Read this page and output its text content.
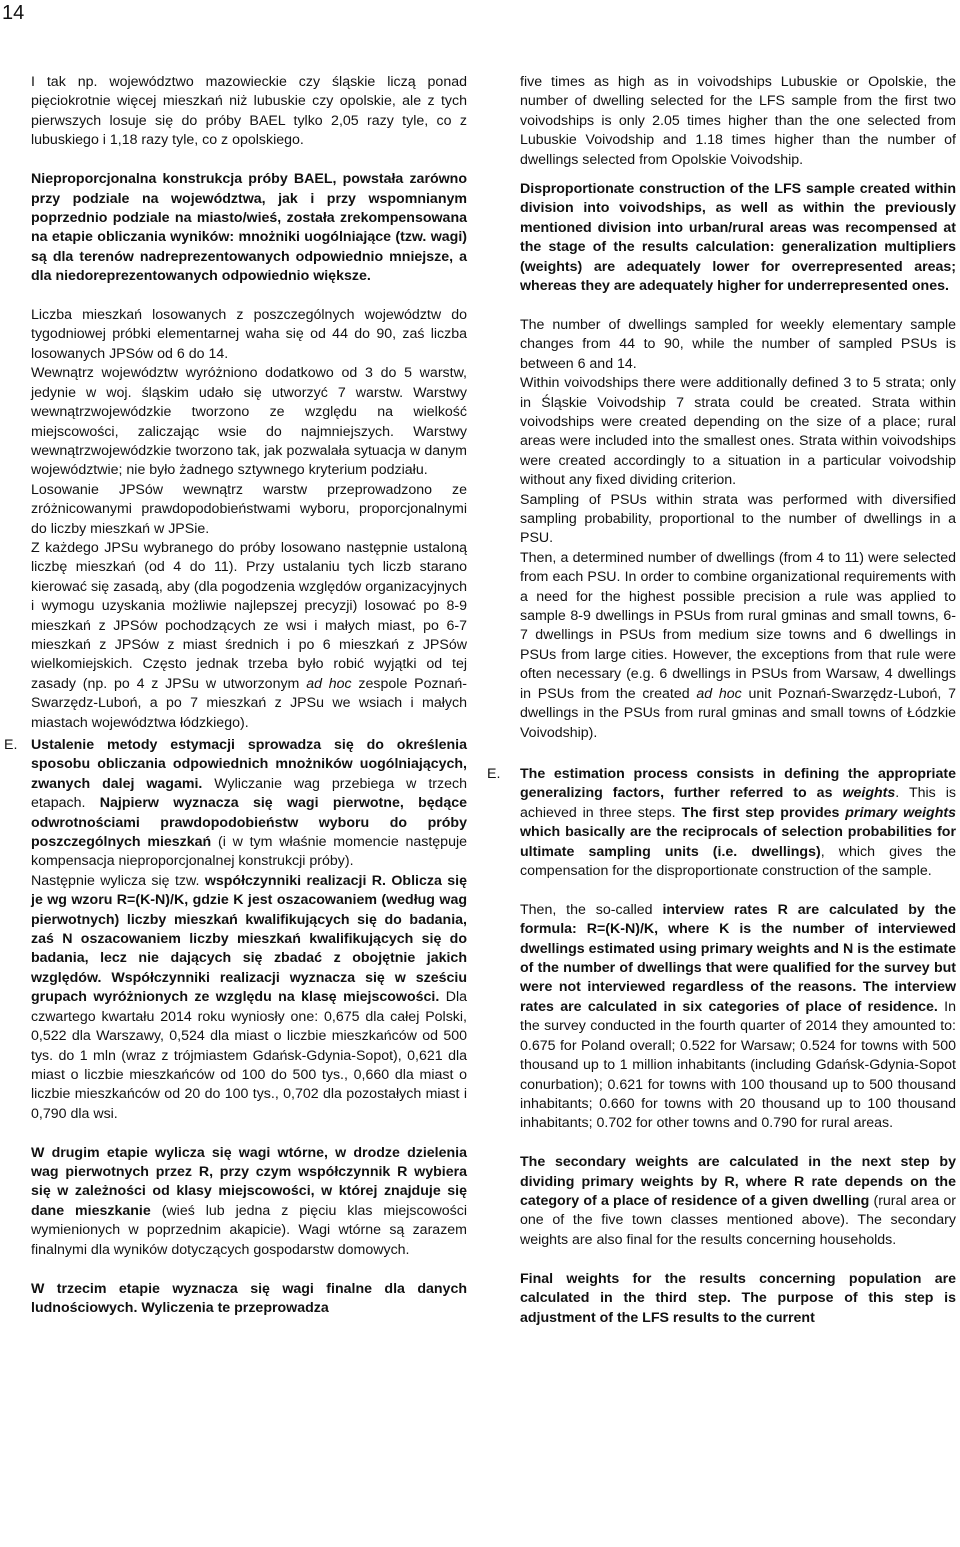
14

I tak np. województwo mazowieckie czy śląskie liczą ponad pięciokrotnie więcej mieszkań niż lubuskie czy opolskie, ale z tych pierwszych losuje się do próby BAEL tylko 2,05 razy tyle, co z lubuskiego i 1,18 razy tyle, co z opolskiego.

Nieproporcjonalna konstrukcja próby BAEL, powstała zarówno przy podziale na województwa, jak i przy wspomnianym poprzednio podziale na miasto/wieś, została zrekompensowana na etapie obliczania wyników: mnożniki uogólniające (tzw. wagi) są dla terenów nadreprezentowanych odpowiednio mniejsze, a dla niedoreprezentowanych odpowiednio większe.

Liczba mieszkań losowanych z poszczególnych województw do tygodniowej próbki elementarnej waha się od 44 do 90, zaś liczba losowanych JPSów od 6 do 14.

Wewnątrz województw wyróżniono dodatkowo od 3 do 5 warstw, jedynie w woj. śląskim udało się utworzyć 7 warstw. Warstwy wewnątrzwojewódzkie tworzono ze względu na wielkość miejscowości, zaliczając wsie do najmniejszych. Warstwy wewnątrzwojewódzkie tworzono tak, jak pozwalała sytuacja w danym województwie; nie było żadnego sztywnego kryterium podziału.

Losowanie JPSów wewnątrz warstw przeprowadzono ze zróżnicowanymi prawdopodobieństwami wyboru, proporcjonalnymi do liczby mieszkań w JPSie.

Z każdego JPSu wybranego do próby losowano następnie ustaloną liczbę mieszkań (od 4 do 11). Przy ustalaniu tych liczb starano kierować się zasadą, aby (dla pogodzenia względów organizacyjnych i wymogu uzyskania możliwie najlepszej precyzji) losować po 8-9 mieszkań z JPSów pochodzących ze wsi i małych miast, po 6-7 mieszkań z JPSów z miast średnich i po 6 mieszkań z JPSów wielkomiejskich. Często jednak trzeba było robić wyjątki od tej zasady (np. po 4 z JPSu w utworzonym ad hoc zespole Poznań-Swarzędz-Luboń, a po 7 mieszkań z JPSu we wsiach i małych miastach województwa łódzkiego).

E. Ustalenie metody estymacji sprowadza się do określenia sposobu obliczania odpowiednich mnożników uogólniających, zwanych dalej wagami. Wyliczanie wag przebiega w trzech etapach. Najpierw wyznacza się wagi pierwotne, będące odwrotnościami prawdopodobieństw wyboru do próby poszczególnych mieszkań (i w tym właśnie momencie następuje kompensacja nieproporcjonalnej konstrukcji próby).

Następnie wylicza się tzw. współczynniki realizacji R. Oblicza się je wg wzoru R=(K-N)/K, gdzie K jest oszacowaniem (według wag pierwotnych) liczby mieszkań kwalifikujących się do badania, zaś N oszacowaniem liczby mieszkań kwalifikujących się do badania, lecz nie dających się zbadać z obojętnie jakich względów. Współczynniki realizacji wyznacza się w sześciu grupach wyróżnionych ze względu na klasę miejscowości. Dla czwartego kwartału 2014 roku wyniosły one: 0,675 dla całej Polski, 0,522 dla Warszawy, 0,524 dla miast o liczbie mieszkańców od 500 tys. do 1 mln (wraz z trójmiastem Gdańsk-Gdynia-Sopot), 0,621 dla miast o liczbie mieszkańców od 100 do 500 tys., 0,660 dla miast o liczbie mieszkańców od 20 do 100 tys., 0,702 dla pozostałych miast i 0,790 dla wsi.

W drugim etapie wylicza się wagi wtórne, w drodze dzielenia wag pierwotnych przez R, przy czym współczynnik R wybiera się w zależności od klasy miejscowości, w której znajduje się dane mieszkanie (wieś lub jedna z pięciu klas miejscowości wymienionych w poprzednim akapicie). Wagi wtórne są zarazem finalnymi dla wyników dotyczących gospodarstw domowych.

W trzecim etapie wyznacza się wagi finalne dla danych ludnościowych. Wyliczenia te przeprowadza

five times as high as in voivodships Lubuskie or Opolskie, the number of dwelling selected for the LFS sample from the first two voivodships is only 2.05 times higher than the one selected from Lubuskie Voivodship and 1.18 times higher than the number of dwellings selected from Opolskie Voivodship.

Disproportionate construction of the LFS sample created within division into voivodships, as well as within the previously mentioned division into urban/rural areas was recompensed at the stage of the results calculation: generalization multipliers (weights) are adequately lower for overrepresented areas; whereas they are adequately higher for underrepresented ones.

The number of dwellings sampled for weekly elementary sample changes from 44 to 90, while the number of sampled PSUs is between 6 and 14.

Within voivodships there were additionally defined 3 to 5 strata; only in Śląskie Voivodship 7 strata could be created. Strata within voivodships were created depending on the size of a place; rural areas were included into the smallest ones. Strata within voivodships were created accordingly to a situation in a particular voivodship without any fixed dividing criterion.

Sampling of PSUs within strata was performed with diversified sampling probability, proportional to the number of dwellings in a PSU.

Then, a determined number of dwellings (from 4 to 11) were selected from each PSU. In order to combine organizational requirements with a need for the highest possible precision a rule was applied to sample 8-9 dwellings in PSUs from rural gminas and small towns, 6-7 dwellings in PSUs from medium size towns and 6 dwellings in PSUs from large cities. However, the exceptions from that rule were often necessary (e.g. 6 dwellings in PSUs from Warsaw, 4 dwellings in PSUs from the created ad hoc unit Poznań-Swarzędz-Luboń, 7 dwellings in the PSUs from rural gminas and small towns of Łódzkie Voivodship).

E. The estimation process consists in defining the appropriate generalizing factors, further referred to as weights. This is achieved in three steps. The first step provides primary weights which basically are the reciprocals of selection probabilities for ultimate sampling units (i.e. dwellings), which gives the compensation for the disproportionate construction of the sample.

Then, the so-called interview rates R are calculated by the formula: R=(K-N)/K, where K is the number of interviewed dwellings estimated using primary weights and N is the estimate of the number of dwellings that were qualified for the survey but were not interviewed regardless of the reasons. The interview rates are calculated in six categories of place of residence. In the survey conducted in the fourth quarter of 2014 they amounted to: 0.675 for Poland overall; 0.522 for Warsaw; 0.524 for towns with 500 thousand up to 1 million inhabitants (including Gdańsk-Gdynia-Sopot conurbation); 0.621 for towns with 100 thousand up to 500 thousand inhabitants; 0.660 for towns with 20 thousand up to 100 thousand inhabitants; 0.702 for other towns and 0.790 for rural areas.

The secondary weights are calculated in the next step by dividing primary weights by R, where R rate depends on the category of a place of residence of a given dwelling (rural area or one of the five town classes mentioned above). The secondary weights are also final for the results concerning households.

Final weights for the results concerning population are calculated in the third step. The purpose of this step is adjustment of the LFS results to the current
